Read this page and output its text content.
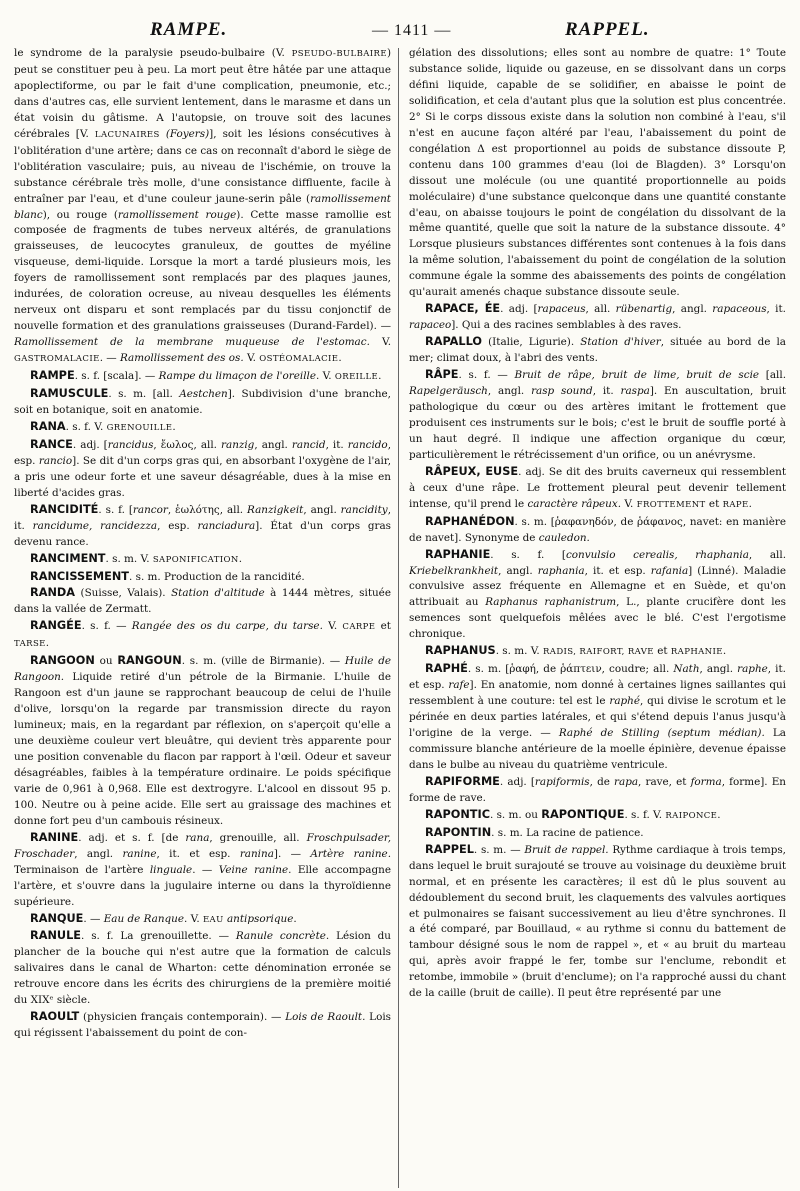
RAMPE.	— 1411 —	RAPPEL.

le syndrome de la paralysie pseudo-bulbaire (V. PSEUDO-BULBAIRE) peut se constituer peu à peu. La mort peut être hâtée par une attaque apoplectiforme, ou par le fait d'une complication, pneumonie, etc.; dans d'autres cas, elle survient lentement, dans le marasme et dans un état voisin du gâtisme. A l'autopsie, on trouve soit des lacunes cérébrales [V. LACUNAIRES (Foyers)], soit les lésions consécutives à l'oblitération d'une artère; dans ce cas on reconnaît d'abord le siège de l'oblitération vasculaire; puis, au niveau de l'ischémie, on trouve la substance cérébrale très molle, d'une consistance diffluente, facile à entraîner par l'eau, et d'une couleur jaune-serin pâle (ramollissement blanc), ou rouge (ramollissement rouge). Cette masse ramollie est composée de fragments de tubes nerveux altérés, de granulations graisseuses, de leucocytes granuleux, de gouttes de myéline visqueuse, demi-liquide. Lorsque la mort a tardé plusieurs mois, les foyers de ramollissement sont remplacés par des plaques jaunes, indurées, de coloration ocreuse, au niveau desquelles les éléments nerveux ont disparu et sont remplacés par du tissu conjonctif de nouvelle formation et des granulations graisseuses (Durand-Fardel). — Ramollissement de la membrane muqueuse de l'estomac. V. GASTROMALACIE. — Ramollissement des os. V. OSTÉOMALACIE.

RAMPE. s. f. [scala]. — Rampe du limaçon de l'oreille. V. OREILLE.

RAMUSCULE. s. m. [all. Aestchen]. Subdivision d'une branche, soit en botanique, soit en anatomie.

RANA. s. f. V. GRENOUILLE.

RANCE. adj. [rancidus, ἔωλος, all. ranzig, angl. rancid, it. rancido, esp. rancio]. Se dit d'un corps gras qui, en absorbant l'oxygène de l'air, a pris une odeur forte et une saveur désagréable, dues à la mise en liberté d'acides gras.

RANCIDITÉ. s. f. [rancor, ἑωλότης, all. Ranzigkeit, angl. rancidity, it. rancidume, rancidezza, esp. ranciadura]. État d'un corps gras devenu rance.

RANCIMENT. s. m. V. SAPONIFICATION.

RANCISSEMENT. s. m. Production de la rancidité.

RANDA (Suisse, Valais). Station d'altitude à 1444 mètres, située dans la vallée de Zermatt.

RANGÉE. s. f. — Rangée des os du carpe, du tarse. V. CARPE et TARSE.

RANGOON ou RANGOUN. s. m. (ville de Birmanie). — Huile de Rangoon. Liquide retiré d'un pétrole de la Birmanie. L'huile de Rangoon est d'un jaune se rapprochant beaucoup de celui de l'huile d'olive, lorsqu'on la regarde par transmission directe du rayon lumineux; mais, en la regardant par réflexion, on s'aperçoit qu'elle a une deuxième couleur vert bleuâtre, qui devient très apparente pour une position convenable du flacon par rapport à l'œil. Odeur et saveur désagréables, faibles à la température ordinaire. Le poids spécifique varie de 0,961 à 0,968. Elle est dextrogyre. L'alcool en dissout 95 p. 100. Neutre ou à peine acide. Elle sert au graissage des machines et donne fort peu d'un cambouis résineux.

RANINE. adj. et s. f. [de rana, grenouille, all. Froschpulsader, Froschader, angl. ranine, it. et esp. ranina]. — Artère ranine. Terminaison de l'artère linguale. — Veine ranine. Elle accompagne l'artère, et s'ouvre dans la jugulaire interne ou dans la thyroïdienne supérieure.

RANQUE. — Eau de Ranque. V. EAU antipsorique.

RANULE. s. f. La grenouillette. — Ranule concrète. Lésion du plancher de la bouche qui n'est autre que la formation de calculs salivaires dans le canal de Wharton: cette dénomination erronée se retrouve encore dans les écrits des chirurgiens de la première moitié du XIXᵉ siècle.

RAOULT (physicien français contemporain). — Lois de Raoult. Lois qui régissent l'abaissement du point de con-

gélation des dissolutions; elles sont au nombre de quatre: 1° Toute substance solide, liquide ou gazeuse, en se dissolvant dans un corps défini liquide, capable de se solidifier, en abaisse le point de solidification, et cela d'autant plus que la solution est plus concentrée. 2° Si le corps dissous existe dans la solution non combiné à l'eau, s'il n'est en aucune façon altéré par l'eau, l'abaissement du point de congélation Δ est proportionnel au poids de substance dissoute P, contenu dans 100 grammes d'eau (loi de Blagden). 3° Lorsqu'on dissout une molécule (ou une quantité proportionnelle au poids moléculaire) d'une substance quelconque dans une quantité constante d'eau, on abaisse toujours le point de congélation du dissolvant de la même quantité, quelle que soit la nature de la substance dissoute. 4° Lorsque plusieurs substances différentes sont contenues à la fois dans la même solution, l'abaissement du point de congélation de la solution commune égale la somme des abaissements des points de congélation qu'aurait amenés chaque substance dissoute seule.

RAPACE, ÉE. adj. [rapaceus, all. rübenartig, angl. rapaceous, it. rapaceo]. Qui a des racines semblables à des raves.

RAPALLO (Italie, Ligurie). Station d'hiver, située au bord de la mer; climat doux, à l'abri des vents.

RÂPE. s. f. — Bruit de râpe, bruit de lime, bruit de scie [all. Rapelgeräusch, angl. rasp sound, it. raspa]. En auscultation, bruit pathologique du cœur ou des artères imitant le frottement que produisent ces instruments sur le bois; c'est le bruit de souffle porté à un haut degré. Il indique une affection organique du cœur, particulièrement le rétrécissement d'un orifice, ou un anévrysme.

RÂPEUX, EUSE. adj. Se dit des bruits caverneux qui ressemblent à ceux d'une râpe. Le frottement pleural peut devenir tellement intense, qu'il prend le caractère râpeux. V. FROTTEMENT et RAPE.

RAPHANÉDON. s. m. [ῥαφανηδόν, de ῥάφανος, navet: en manière de navet]. Synonyme de cauledon.

RAPHANIE. s. f. [convulsio cerealis, rhaphania, all. Kriebelkrankheit, angl. raphania, it. et esp. rafania] (Linné). Maladie convulsive assez fréquente en Allemagne et en Suède, et qu'on attribuait au Raphanus raphanistrum, L., plante crucifère dont les semences sont quelquefois mêlées avec le blé. C'est l'ergotisme chronique.

RAPHANUS. s. m. V. RADIS, RAIFORT, RAVE et RAPHANIE.

RAPHÉ. s. m. [ῥαφή, de ῥάπτειν, coudre; all. Nath, angl. raphe, it. et esp. rafe]. En anatomie, nom donné à certaines lignes saillantes qui ressemblent à une couture: tel est le raphé, qui divise le scrotum et le périnée en deux parties latérales, et qui s'étend depuis l'anus jusqu'à l'origine de la verge. — Raphé de Stilling (septum médian). La commissure blanche antérieure de la moelle épinière, devenue épaisse dans le bulbe au niveau du quatrième ventricule.

RAPIFORME. adj. [rapiformis, de rapa, rave, et forma, forme]. En forme de rave.

RAPONTIC. s. m. ou RAPONTIQUE. s. f. V. RAIPONCE.

RAPONTIN. s. m. La racine de patience.

RAPPEL. s. m. — Bruit de rappel. Rythme cardiaque à trois temps, dans lequel le bruit surajouté se trouve au voisinage du deuxième bruit normal, et en présente les caractères; il est dû le plus souvent au dédoublement du second bruit, les claquements des valvules aortiques et pulmonaires se faisant successivement au lieu d'être synchrones. Il a été comparé, par Bouillaud, « au rythme si connu du battement de tambour désigné sous le nom de rappel », et « au bruit du marteau qui, après avoir frappé le fer, tombe sur l'enclume, rebondit et retombe, immobile » (bruit d'enclume); on l'a rapproché aussi du chant de la caille (bruit de caille). Il peut être représenté par une
